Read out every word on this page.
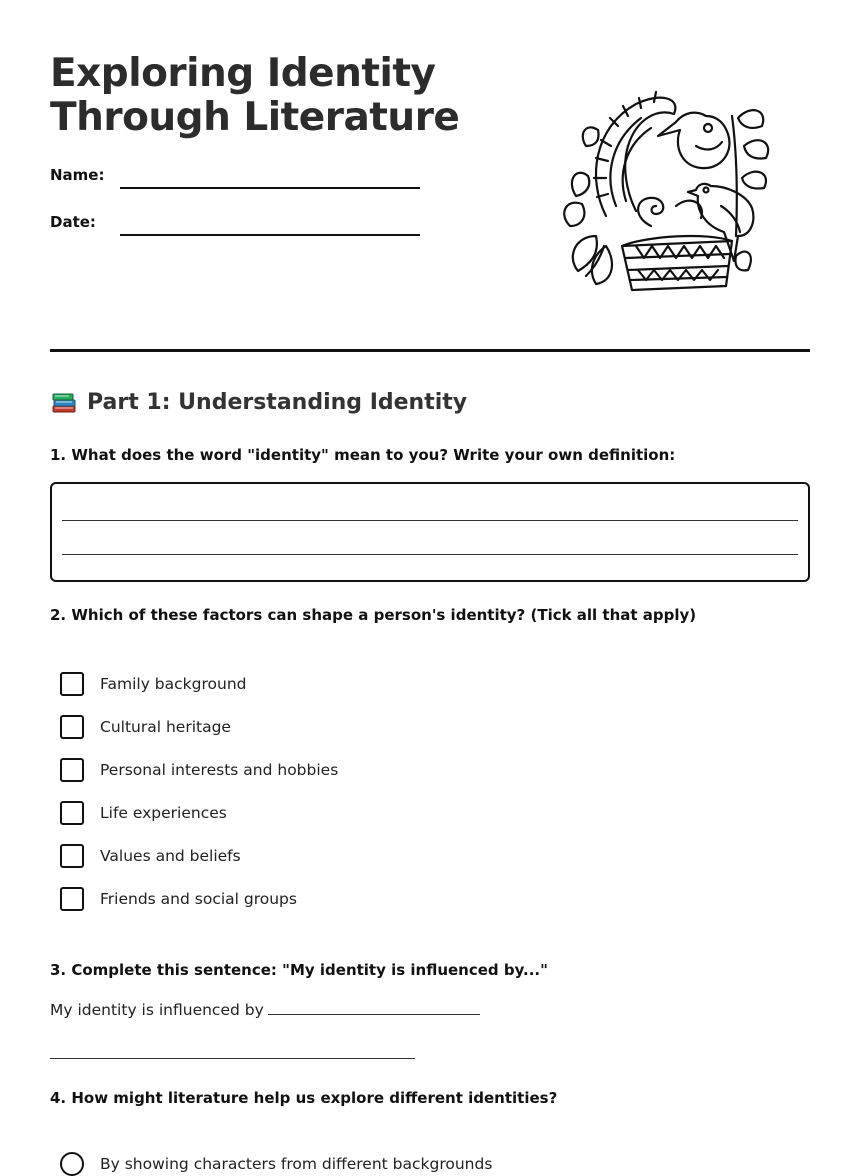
Exploring Identity
Through Literature
Name:
Date:
Part 1: Understanding Identity
1. What does the word "identity" mean to you? Write your own definition:
2. Which of these factors can shape a person's identity? (Tick all that apply)
Family background
Cultural heritage
Personal interests and hobbies
Life experiences
Values and beliefs
Friends and social groups
3. Complete this sentence: "My identity is influenced by..."
My identity is influenced by
4. How might literature help us explore different identities?
By showing characters from different backgrounds
